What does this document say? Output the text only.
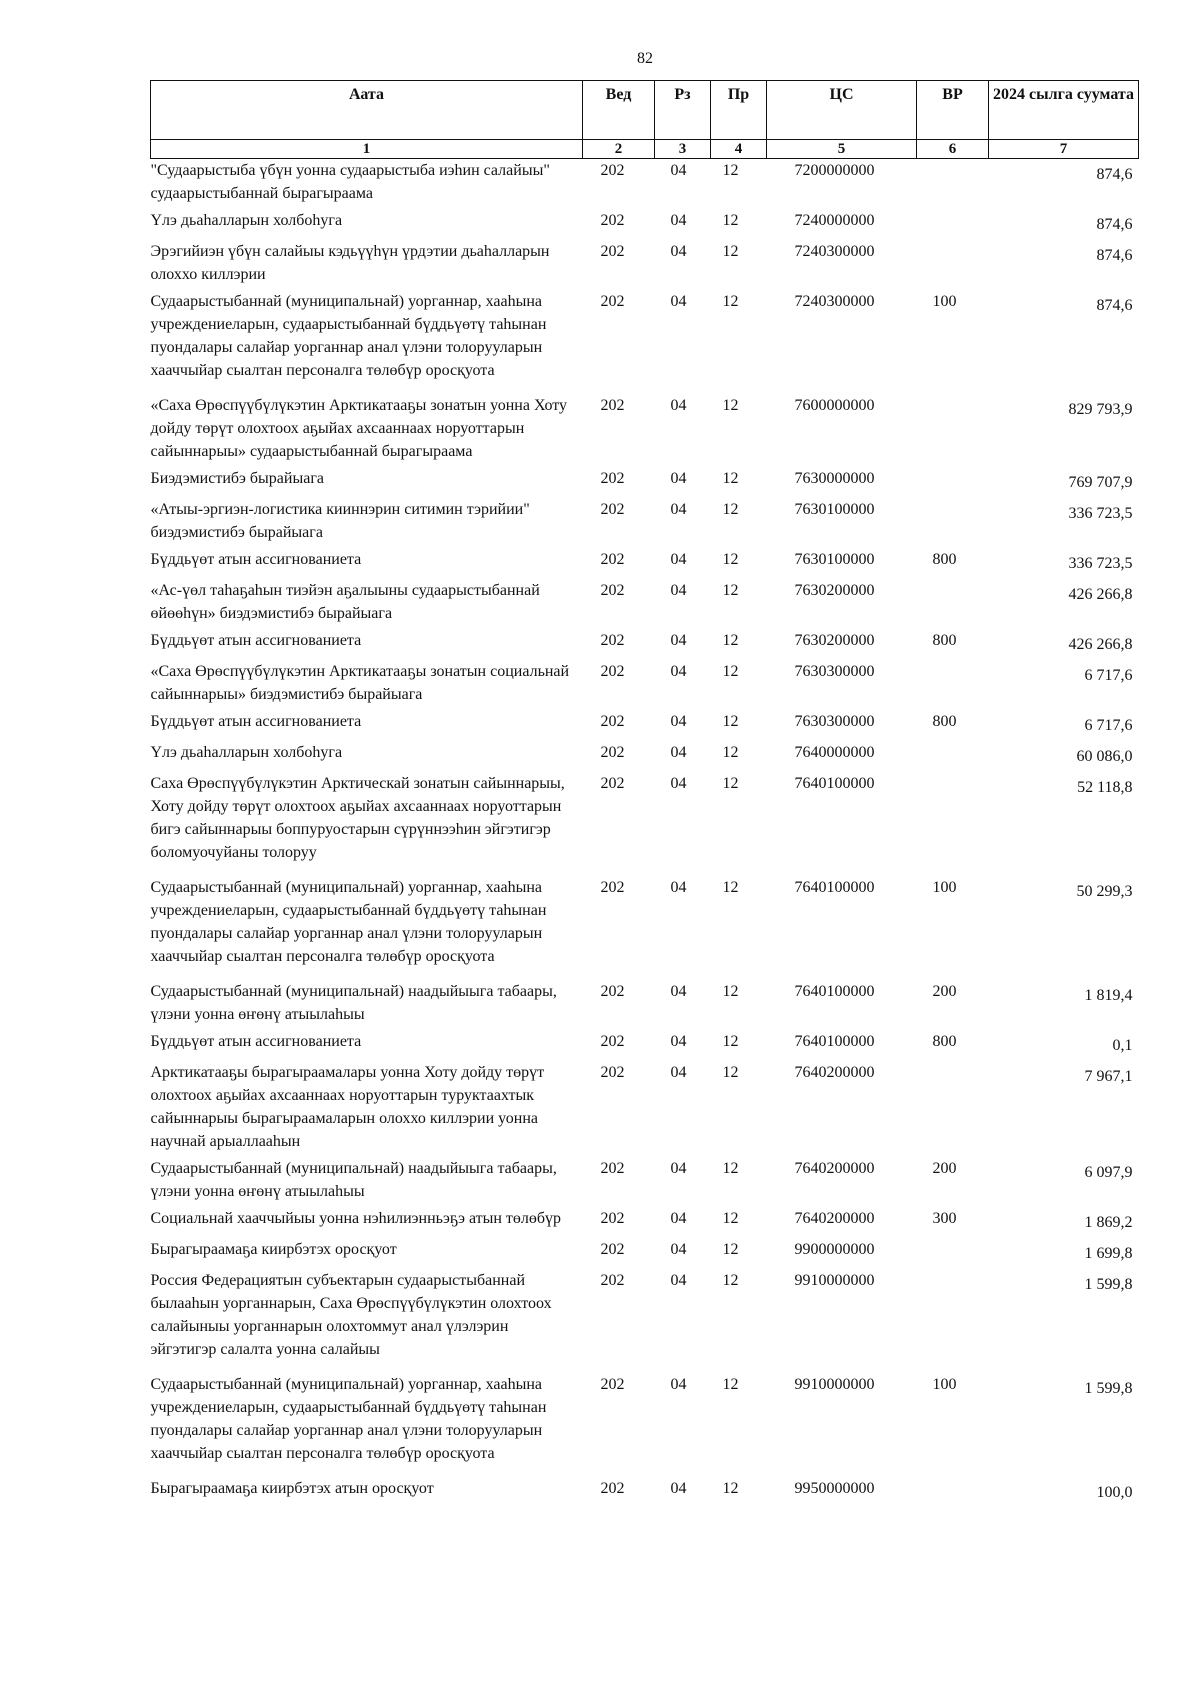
82
Аата	Вед	Рз	Пр	ЦС	ВР	2024 сылга суумата
1	2	3	4	5	6	7
"Судаарыстыба үбүн уонна судаарыстыба иэһин салайыы" судаарыстыбаннай бырагыраама	202	04	12	7200000000		874,6
Үлэ дьаһалларын холбоһуга	202	04	12	7240000000		874,6
Эрэгийиэн үбүн салайыы кэдьүүһүн үрдэтии дьаһалларын олоххо киллэрии	202	04	12	7240300000		874,6
Судаарыстыбаннай (муниципальнай) уорганнар, хааһына учреждениеларын, судаарыстыбаннай бүддьүөтү таһынан пуондалары салайар уорганнар анал үлэни толорууларын хааччыйар сыалтан персоналга төлөбүр оросқуота	202	04	12	7240300000	100	874,6
«Саха Өрөспүүбүлүкэтин Арктикатааҕы зонатын уонна Хоту дойду төрүт олохтоох аҕыйах ахсааннаах норуоттарын сайыннарыы» судаарыстыбаннай бырагыраама	202	04	12	7600000000		829 793,9
Биэдэмистибэ бырайыага	202	04	12	7630000000		769 707,9
«Атыы-эргиэн-логистика кииннэрин ситимин тэрийии" биэдэмистибэ бырайыага	202	04	12	7630100000		336 723,5
Бүддьүөт атын ассигнованиета	202	04	12	7630100000	800	336 723,5
«Ас-үөл таһаҕаһын тиэйэн аҕалыыны судаарыстыбаннай өйөөһүн» биэдэмистибэ бырайыага	202	04	12	7630200000		426 266,8
Бүддьүөт атын ассигнованиета	202	04	12	7630200000	800	426 266,8
«Саха Өрөспүүбүлүкэтин Арктикатааҕы зонатын социальнай сайыннарыы» биэдэмистибэ бырайыага	202	04	12	7630300000		6 717,6
Бүддьүөт атын ассигнованиета	202	04	12	7630300000	800	6 717,6
Үлэ дьаһалларын холбоһуга	202	04	12	7640000000		60 086,0
Саха Өрөспүүбүлүкэтин Арктическай зонатын сайыннарыы, Хоту дойду төрүт олохтоох аҕыйах ахсааннаах норуоттарын бигэ сайыннарыы боппуруостарын сүрүннээһин эйгэтигэр боломуочуйаны толоруу	202	04	12	7640100000		52 118,8
Судаарыстыбаннай (муниципальнай) уорганнар, хааһына учреждениеларын, судаарыстыбаннай бүддьүөтү таһынан пуондалары салайар уорганнар анал үлэни толорууларын хааччыйар сыалтан персоналга төлөбүр оросқуота	202	04	12	7640100000	100	50 299,3
Судаарыстыбаннай (муниципальнай) наадыйыыга табаары, үлэни уонна өҥөнү атыылаһыы	202	04	12	7640100000	200	1 819,4
Бүддьүөт атын ассигнованиета	202	04	12	7640100000	800	0,1
Арктикатааҕы бырагыраамалары уонна Хоту дойду төрүт олохтоох аҕыйах ахсааннаах норуоттарын туруктаахтык сайыннарыы бырагыраамаларын олоххо киллэрии уонна научнай арыаллааһын	202	04	12	7640200000		7 967,1
Судаарыстыбаннай (муниципальнай) наадыйыыга табаары, үлэни уонна өҥөнү атыылаһыы	202	04	12	7640200000	200	6 097,9
Социальнай хааччыйыы уонна нэһилиэнньэҕэ атын төлөбүр	202	04	12	7640200000	300	1 869,2
Бырагыраамаҕа киирбэтэх оросқуот	202	04	12	9900000000		1 699,8
Россия Федерациятын субъектарын судаарыстыбаннай былааһын уорганнарын, Саха Өрөспүүбүлүкэтин олохтоох салайыныы уорганнарын олохтоммут анал үлэлэрин эйгэтигэр салалта уонна салайыы	202	04	12	9910000000		1 599,8
Судаарыстыбаннай (муниципальнай) уорганнар, хааһына учреждениеларын, судаарыстыбаннай бүддьүөтү таһынан пуондалары салайар уорганнар анал үлэни толорууларын хааччыйар сыалтан персоналга төлөбүр оросқуота	202	04	12	9910000000	100	1 599,8
Бырагыраамаҕа киирбэтэх атын оросқуот	202	04	12	9950000000		100,0
